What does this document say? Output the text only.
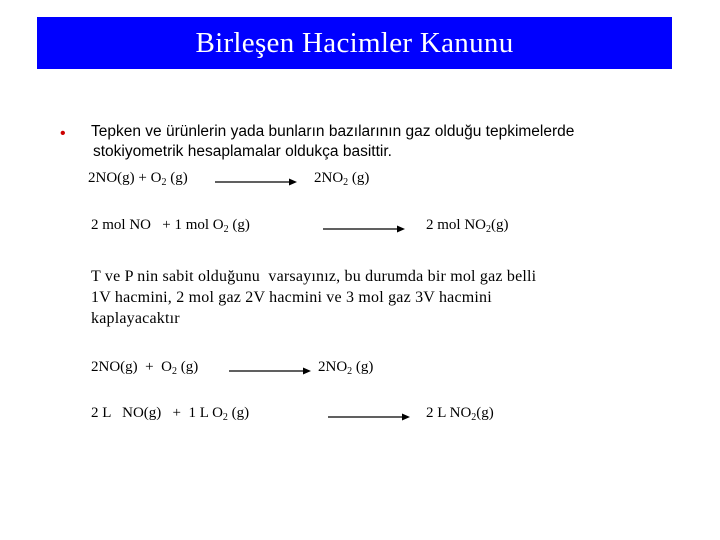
Birleşen Hacimler Kanunu
• Tepken ve ürünlerin yada bunların bazılarının gaz olduğu tepkimelerde
stokiyometrik hesaplamalar oldukça basittir.
$2NO(g) + O_2$ (g)	$2NO_2$ (g)
2 mol NO   + 1 mol $O_2$ (g)	2 mol $NO_2(g)$
T ve P nin sabit olduğunu  varsayınız, bu durumda bir mol gaz belli
1V hacmini, 2 mol gaz 2V hacmini ve 3 mol gaz 3V hacmini
kaplayacaktır
$2NO(g) + O_2$ (g)	$2NO_2$ (g)
2 L   NO(g)   +  1 L $O_2$ (g)	2 L $NO_2(g)$
